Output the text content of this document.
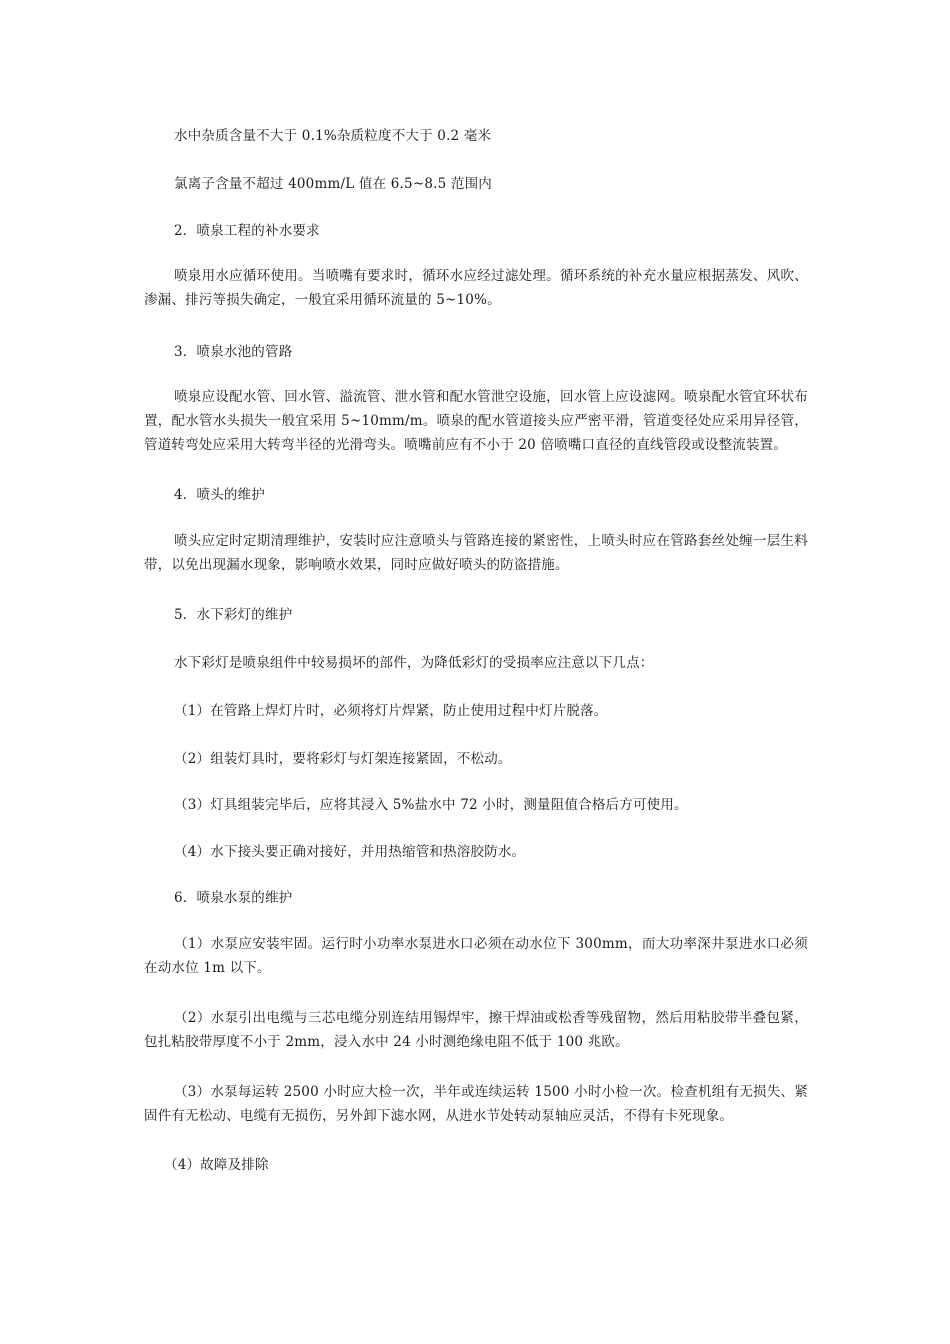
水中杂质含量不大于 0.1%杂质粒度不大于 0.2 毫米
氯离子含量不超过 400mm/L 值在 6.5~8.5 范围内
2．喷泉工程的补水要求
喷泉用水应循环使用。当喷嘴有要求时，循环水应经过滤处理。循环系统的补充水量应根据蒸发、风吹、渗漏、排污等损失确定，一般宜采用循环流量的 5~10%。
3．喷泉水池的管路
喷泉应设配水管、回水管、溢流管、泄水管和配水管泄空设施，回水管上应设滤网。喷泉配水管宜环状布置，配水管水头损失一般宜采用 5~10mm/m。喷泉的配水管道接头应严密平滑，管道变径处应采用异径管，管道转弯处应采用大转弯半径的光滑弯头。喷嘴前应有不小于 20 倍喷嘴口直径的直线管段或设整流装置。
4．喷头的维护
喷头应定时定期清理维护，安装时应注意喷头与管路连接的紧密性，上喷头时应在管路套丝处缠一层生料带，以免出现漏水现象，影响喷水效果，同时应做好喷头的防盗措施。
5．水下彩灯的维护
水下彩灯是喷泉组件中较易损坏的部件，为降低彩灯的受损率应注意以下几点：
（1）在管路上焊灯片时，必须将灯片焊紧，防止使用过程中灯片脱落。
（2）组装灯具时，要将彩灯与灯架连接紧固，不松动。
（3）灯具组装完毕后，应将其浸入 5%盐水中 72 小时，测量阻值合格后方可使用。
（4）水下接头要正确对接好，并用热缩管和热溶胶防水。
6．喷泉水泵的维护
（1）水泵应安装牢固。运行时小功率水泵进水口必须在动水位下 300mm，而大功率深井泵进水口必须在动水位 1m 以下。
（2）水泵引出电缆与三芯电缆分别连结用锡焊牢，擦干焊油或松香等残留物，然后用粘胶带半叠包紧，包扎粘胶带厚度不小于 2mm，浸入水中 24 小时测绝缘电阻不低于 100 兆欧。
（3）水泵每运转 2500 小时应大检一次，半年或连续运转 1500 小时小检一次。检查机组有无损失、紧固件有无松动、电缆有无损伤，另外卸下滤水网，从进水节处转动泵轴应灵活，不得有卡死现象。
（4）故障及排除
